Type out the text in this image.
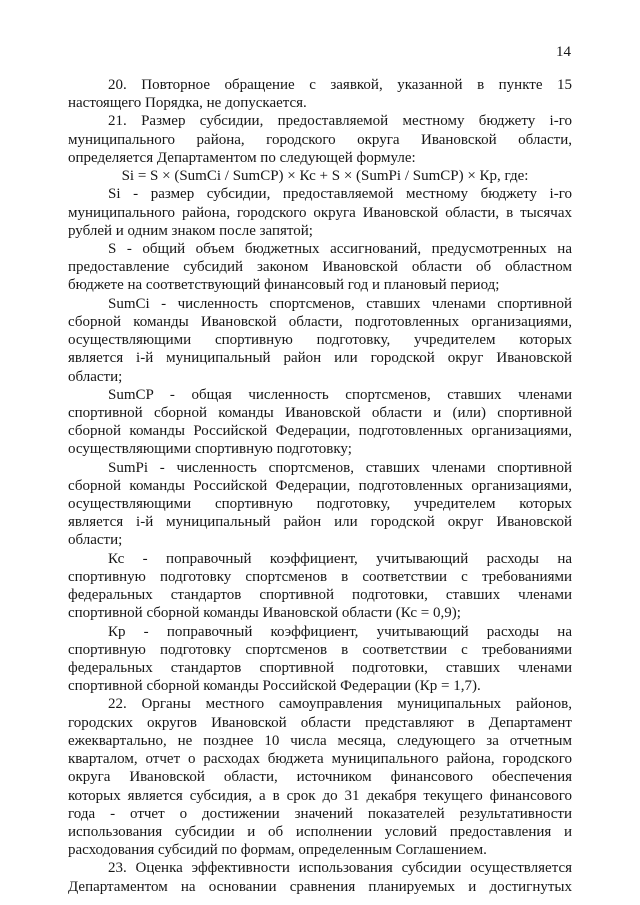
14
20. Повторное обращение с заявкой, указанной в пункте 15
настоящего Порядка, не допускается.
21. Размер субсидии, предоставляемой местному бюджету i-го
муниципального района, городского округа Ивановской области,
определяется Департаментом по следующей формуле:
Si = S × (SumCi / SumCP) × Кс + S × (SumPi / SumCP) × Кр, где:
Si - размер субсидии, предоставляемой местному бюджету i-го
муниципального района, городского округа Ивановской области, в тысячах
рублей и одним знаком после запятой;
S - общий объем бюджетных ассигнований, предусмотренных на
предоставление субсидий законом Ивановской области об областном
бюджете на соответствующий финансовый год и плановый период;
SumCi - численность спортсменов, ставших членами спортивной
сборной команды Ивановской области, подготовленных организациями,
осуществляющими спортивную подготовку, учредителем которых
является i-й муниципальный район или городской округ Ивановской
области;
SumCP - общая численность спортсменов, ставших членами
спортивной сборной команды Ивановской области и (или) спортивной
сборной команды Российской Федерации, подготовленных организациями,
осуществляющими спортивную подготовку;
SumPi - численность спортсменов, ставших членами спортивной
сборной команды Российской Федерации, подготовленных организациями,
осуществляющими спортивную подготовку, учредителем которых
является i-й муниципальный район или городской округ Ивановской
области;
Кс - поправочный коэффициент, учитывающий расходы на
спортивную подготовку спортсменов в соответствии с требованиями
федеральных стандартов спортивной подготовки, ставших членами
спортивной сборной команды Ивановской области (Кс = 0,9);
Кр - поправочный коэффициент, учитывающий расходы на
спортивную подготовку спортсменов в соответствии с требованиями
федеральных стандартов спортивной подготовки, ставших членами
спортивной сборной команды Российской Федерации (Кр = 1,7).
22. Органы местного самоуправления муниципальных районов,
городских округов Ивановской области представляют в Департамент
ежеквартально, не позднее 10 числа месяца, следующего за отчетным
кварталом, отчет о расходах бюджета муниципального района, городского
округа Ивановской области, источником финансового обеспечения
которых является субсидия, а в срок до 31 декабря текущего финансового
года - отчет о достижении значений показателей результативности
использования субсидии и об исполнении условий предоставления и
расходования субсидий по формам, определенным Соглашением.
23. Оценка эффективности использования субсидии осуществляется
Департаментом на основании сравнения планируемых и достигнутых
